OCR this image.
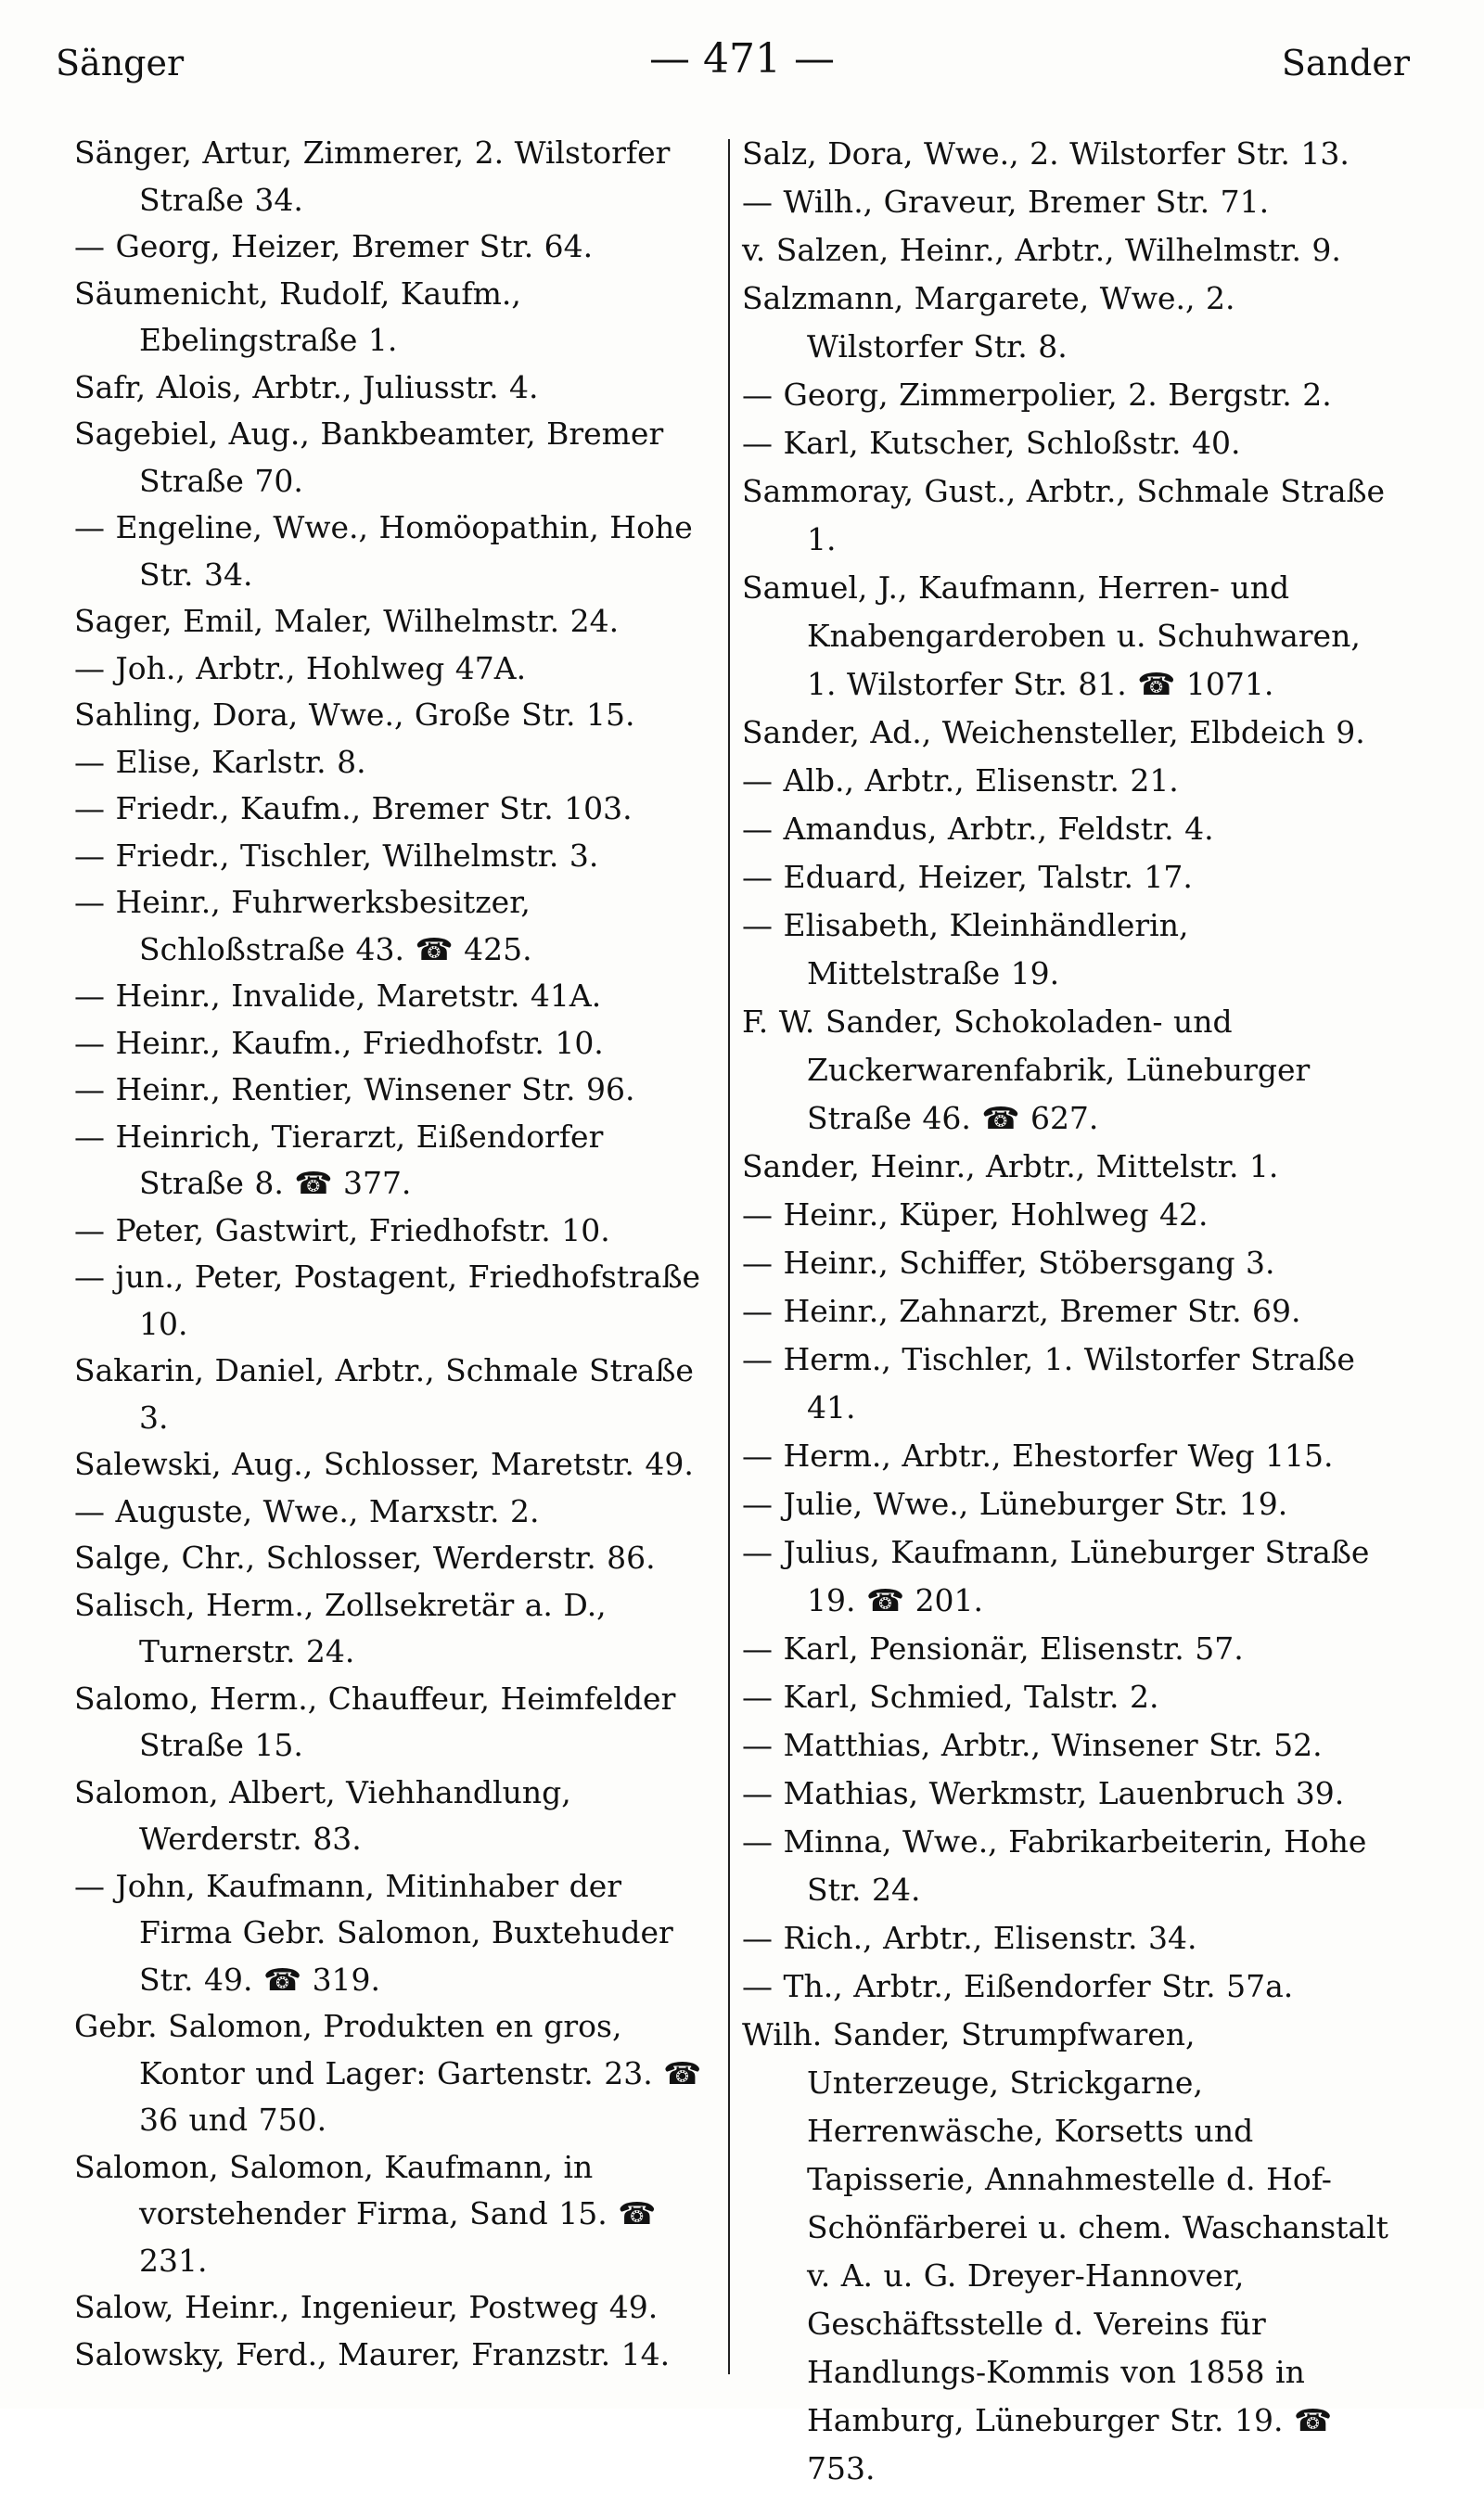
Sänger	— 471 —	Sander

Sänger, Artur, Zimmerer, 2. Wilstorfer Straße 34.

— Georg, Heizer, Bremer Str. 64.

Säumenicht, Rudolf, Kaufm., Ebelingstraße 1.

Safr, Alois, Arbtr., Juliusstr. 4.

Sagebiel, Aug., Bankbeamter, Bremer Straße 70.

— Engeline, Wwe., Homöopathin, Hohe Str. 34.

Sager, Emil, Maler, Wilhelmstr. 24.

— Joh., Arbtr., Hohlweg 47A.

Sahling, Dora, Wwe., Große Str. 15.

— Elise, Karlstr. 8.

— Friedr., Kaufm., Bremer Str. 103.

— Friedr., Tischler, Wilhelmstr. 3.

— Heinr., Fuhrwerksbesitzer, Schloßstraße 43. ☎ 425.

— Heinr., Invalide, Maretstr. 41A.

— Heinr., Kaufm., Friedhofstr. 10.

— Heinr., Rentier, Winsener Str. 96.

— Heinrich, Tierarzt, Eißendorfer Straße 8. ☎ 377.

— Peter, Gastwirt, Friedhofstr. 10.

— jun., Peter, Postagent, Friedhofstraße 10.

Sakarin, Daniel, Arbtr., Schmale Straße 3.

Salewski, Aug., Schlosser, Maretstr. 49.

— Auguste, Wwe., Marxstr. 2.

Salge, Chr., Schlosser, Werderstr. 86.

Salisch, Herm., Zollsekretär a. D., Turnerstr. 24.

Salomo, Herm., Chauffeur, Heimfelder Straße 15.

Salomon, Albert, Viehhandlung, Werderstr. 83.

— John, Kaufmann, Mitinhaber der Firma Gebr. Salomon, Buxtehuder Str. 49. ☎ 319.

Gebr. Salomon, Produkten en gros, Kontor und Lager: Gartenstr. 23. ☎ 36 und 750.

Salomon, Salomon, Kaufmann, in vorstehender Firma, Sand 15. ☎ 231.

Salow, Heinr., Ingenieur, Postweg 49.

Salowsky, Ferd., Maurer, Franzstr. 14.

Salz, Dora, Wwe., 2. Wilstorfer Str. 13.

— Wilh., Graveur, Bremer Str. 71.

v. Salzen, Heinr., Arbtr., Wilhelmstr. 9.

Salzmann, Margarete, Wwe., 2. Wilstorfer Str. 8.

— Georg, Zimmerpolier, 2. Bergstr. 2.

— Karl, Kutscher, Schloßstr. 40.

Sammoray, Gust., Arbtr., Schmale Straße 1.

Samuel, J., Kaufmann, Herren- und Knabengarderoben u. Schuhwaren, 1. Wilstorfer Str. 81. ☎ 1071.

Sander, Ad., Weichensteller, Elbdeich 9.

— Alb., Arbtr., Elisenstr. 21.

— Amandus, Arbtr., Feldstr. 4.

— Eduard, Heizer, Talstr. 17.

— Elisabeth, Kleinhändlerin, Mittelstraße 19.

F. W. Sander, Schokoladen- und Zuckerwarenfabrik, Lüneburger Straße 46. ☎ 627.

Sander, Heinr., Arbtr., Mittelstr. 1.

— Heinr., Küper, Hohlweg 42.

— Heinr., Schiffer, Stöbersgang 3.

— Heinr., Zahnarzt, Bremer Str. 69.

— Herm., Tischler, 1. Wilstorfer Straße 41.

— Herm., Arbtr., Ehestorfer Weg 115.

— Julie, Wwe., Lüneburger Str. 19.

— Julius, Kaufmann, Lüneburger Straße 19. ☎ 201.

— Karl, Pensionär, Elisenstr. 57.

— Karl, Schmied, Talstr. 2.

— Matthias, Arbtr., Winsener Str. 52.

— Mathias, Werkmstr, Lauenbruch 39.

— Minna, Wwe., Fabrikarbeiterin, Hohe Str. 24.

— Rich., Arbtr., Elisenstr. 34.

— Th., Arbtr., Eißendorfer Str. 57a.

Wilh. Sander, Strumpfwaren, Unterzeuge, Strickgarne, Herrenwäsche, Korsetts und Tapisserie, Annahmestelle d. Hof-Schönfärberei u. chem. Waschanstalt v. A. u. G. Dreyer-Hannover, Geschäftsstelle d. Vereins für Handlungs-Kommis von 1858 in Hamburg, Lüneburger Str. 19. ☎ 753.
